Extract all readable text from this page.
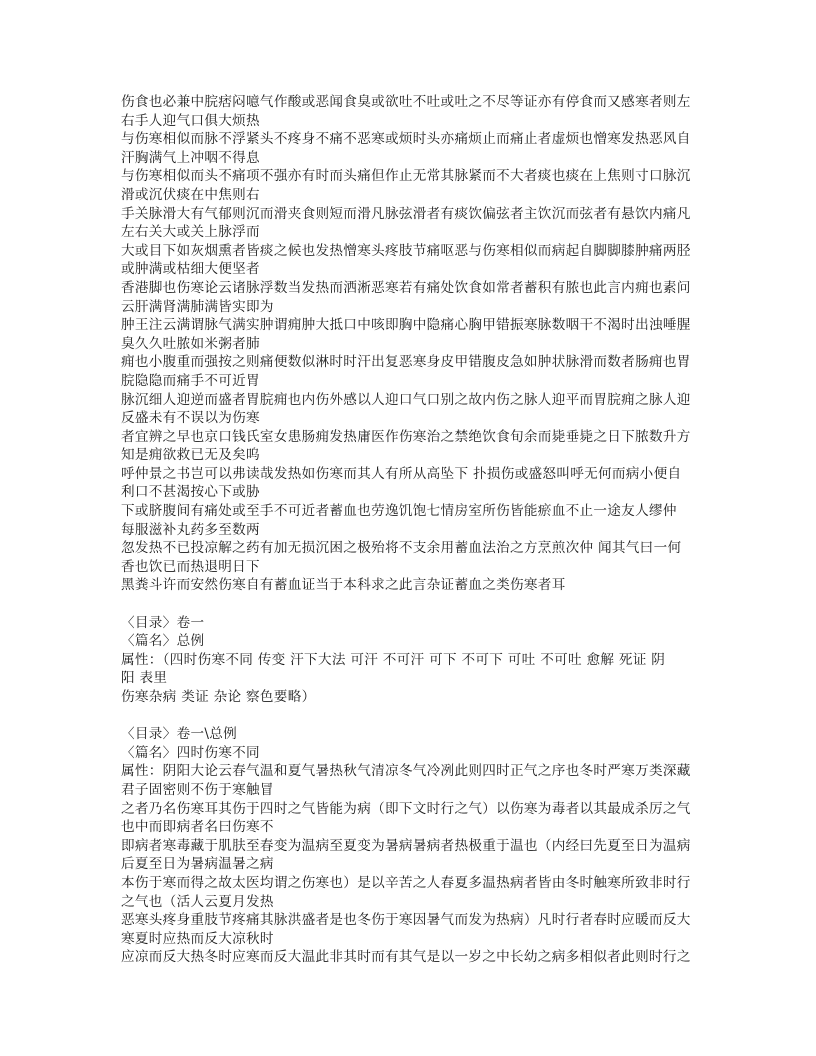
伤食也必兼中脘痞闷噫气作酸或恶闻食臭或欲吐不吐或吐之不尽等证亦有停食而又感寒者则左
右手人迎气口俱大烦热
与伤寒相似而脉不浮紧头不疼身不痛不恶寒或烦时头亦痛烦止而痛止者虚烦也憎寒发热恶风自
汗胸满气上冲咽不得息
与伤寒相似而头不痛项不强亦有时而头痛但作止无常其脉紧而不大者痰也痰在上焦则寸口脉沉
滑或沉伏痰在中焦则右
手关脉滑大有气郁则沉而滑夹食则短而滑凡脉弦滑者有痰饮偏弦者主饮沉而弦者有悬饮内痛凡
左右关大或关上脉浮而
大或目下如灰烟熏者皆痰之候也发热憎寒头疼肢节痛呕恶与伤寒相似而病起自脚脚膝肿痛两胫
或肿满或枯细大便坚者
香港脚也伤寒论云诸脉浮数当发热而洒淅恶寒若有痛处饮食如常者蓄积有脓也此言内痈也素问
云肝满肾满肺满皆实即为
肿王注云满谓脉气满实肿谓痈肿大抵口中咳即胸中隐痛心胸甲错振寒脉数咽干不渴时出浊唾腥
臭久久吐脓如米粥者肺
痈也小腹重而强按之则痛便数似淋时时汗出复恶寒身皮甲错腹皮急如肿状脉滑而数者肠痈也胃
脘隐隐而痛手不可近胃
脉沉细人迎逆而盛者胃脘痈也内伤外感以人迎口气口别之故内伤之脉人迎平而胃脘痈之脉人迎
反盛未有不误以为伤寒
者宜辨之早也京口钱氏室女患肠痈发热庸医作伤寒治之禁绝饮食旬余而毙垂毙之日下脓数升方
知是痈欲救已无及矣呜
呼仲景之书岂可以弗读哉发热如伤寒而其人有所从高坠下 扑损伤或盛怒叫呼无何而病小便自
利口不甚渴按心下或胁
下或脐腹间有痛处或至手不可近者蓄血也劳逸饥饱七情房室所伤皆能瘀血不止一途友人缪仲
每服滋补丸药多至数两
忽发热不已投凉解之药有加无损沉困之极殆将不支余用蓄血法治之方烹煎次仲 闻其气曰一何
香也饮已而热退明日下
黑粪斗许而安然伤寒自有蓄血证当于本科求之此言杂证蓄血之类伤寒者耳
〈目录〉卷一
〈篇名〉总例
属性：（四时伤寒不同 传变 汗下大法 可汗 不可汗 可下 不可下 可吐 不可吐 愈解 死证 阴
阳 表里
伤寒杂病 类证 杂论 察色要略）
〈目录〉卷一\总例
〈篇名〉四时伤寒不同
属性：阴阳大论云春气温和夏气暑热秋气清凉冬气冷冽此则四时正气之序也冬时严寒万类深藏
君子固密则不伤于寒触冒
之者乃名伤寒耳其伤于四时之气皆能为病（即下文时行之气）以伤寒为毒者以其最成杀厉之气
也中而即病者名曰伤寒不
即病者寒毒藏于肌肤至春变为温病至夏变为暑病暑病者热极重于温也（内经曰先夏至日为温病
后夏至日为暑病温暑之病
本伤于寒而得之故太医均谓之伤寒也）是以辛苦之人春夏多温热病者皆由冬时触寒所致非时行
之气也（活人云夏月发热
恶寒头疼身重肢节疼痛其脉洪盛者是也冬伤于寒因暑气而发为热病）凡时行者春时应暖而反大
寒夏时应热而反大凉秋时
应凉而反大热冬时应寒而反大温此非其时而有其气是以一岁之中长幼之病多相似者此则时行之
